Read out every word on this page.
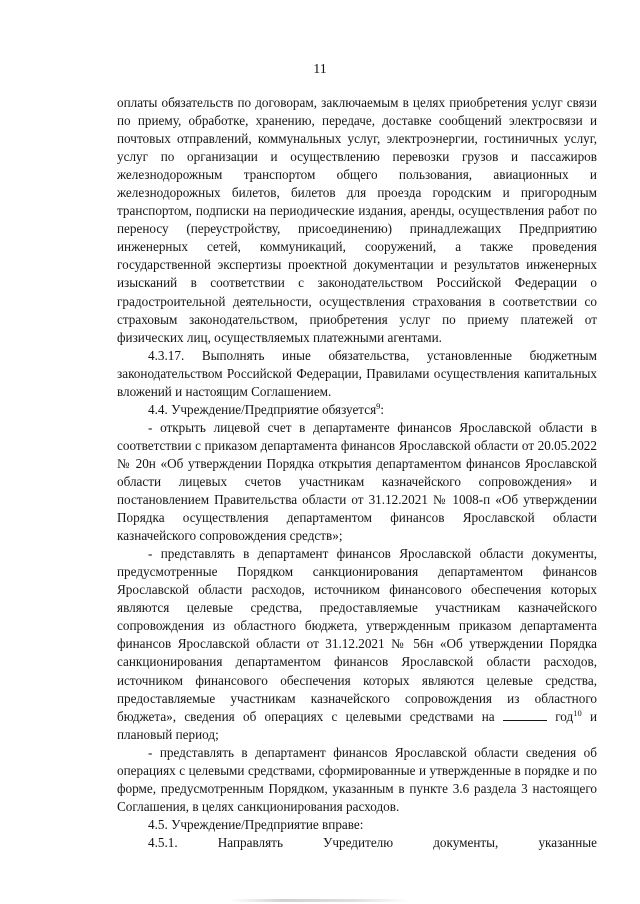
11

оплаты обязательств по договорам, заключаемым в целях приобретения услуг связи по приему, обработке, хранению, передаче, доставке сообщений электросвязи и почтовых отправлений, коммунальных услуг, электроэнергии, гостиничных услуг, услуг по организации и осуществлению перевозки грузов и пассажиров железнодорожным транспортом общего пользования, авиационных и железнодорожных билетов, билетов для проезда городским и пригородным транспортом, подписки на периодические издания, аренды, осуществления работ по переносу (переустройству, присоединению) принадлежащих Предприятию инженерных сетей, коммуникаций, сооружений, а также проведения государственной экспертизы проектной документации и результатов инженерных изысканий в соответствии с законодательством Российской Федерации о градостроительной деятельности, осуществления страхования в соответствии со страховым законодательством, приобретения услуг по приему платежей от физических лиц, осуществляемых платежными агентами.

4.3.17. Выполнять иные обязательства, установленные бюджетным законодательством Российской Федерации, Правилами осуществления капитальных вложений и настоящим Соглашением.

4.4. Учреждение/Предприятие обязуется$^9$:

- открыть лицевой счет в департаменте финансов Ярославской области в соответствии с приказом департамента финансов Ярославской области от 20.05.2022 № 20н «Об утверждении Порядка открытия департаментом финансов Ярославской области лицевых счетов участникам казначейского сопровождения» и постановлением Правительства области от 31.12.2021 № 1008-п «Об утверждении Порядка осуществления департаментом финансов Ярославской области казначейского сопровождения средств»;

- представлять в департамент финансов Ярославской области документы, предусмотренные Порядком санкционирования департаментом финансов Ярославской области расходов, источником финансового обеспечения которых являются целевые средства, предоставляемые участникам казначейского сопровождения из областного бюджета, утвержденным приказом департамента финансов Ярославской области от 31.12.2021 № 56н «Об утверждении Порядка санкционирования департаментом финансов Ярославской области расходов, источником финансового обеспечения которых являются целевые средства, предоставляемые участникам казначейского сопровождения из областного бюджета», сведения об операциях с целевыми средствами на	год$^{10}$ и плановый период;

- представлять в департамент финансов Ярославской области сведения об операциях с целевыми средствами, сформированные и утвержденные в порядке и по форме, предусмотренным Порядком, указанным в пункте 3.6 раздела 3 настоящего Соглашения, в целях санкционирования расходов.

4.5. Учреждение/Предприятие вправе:

4.5.1. Направлять Учредителю документы, указанные
